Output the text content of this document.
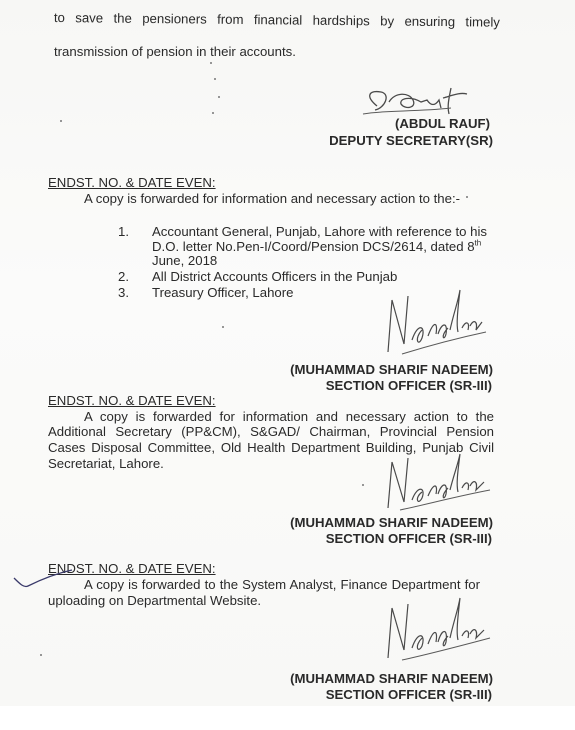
to save the pensioners from financial hardships by ensuring timely
transmission of pension in their accounts.
(ABDUL RAUF)
DEPUTY SECRETARY(SR)
ENDST. NO. & DATE EVEN:
A copy is forwarded for information and necessary action to the:-
1. Accountant General, Punjab, Lahore with reference to his
D.O. letter No.Pen-I/Coord/Pension DCS/2614, dated 8th
June, 2018
2. All District Accounts Officers in the Punjab
3. Treasury Officer, Lahore
(MUHAMMAD SHARIF NADEEM)
SECTION OFFICER (SR-III)
ENDST. NO. & DATE EVEN:
A copy is forwarded for information and necessary action to the
Additional Secretary (PP&CM), S&GAD/ Chairman, Provincial Pension
Cases Disposal Committee, Old Health Department Building, Punjab Civil
Secretariat, Lahore.
(MUHAMMAD SHARIF NADEEM)
SECTION OFFICER (SR-III)
ENDST. NO. & DATE EVEN:
A copy is forwarded to the System Analyst, Finance Department for
uploading on Departmental Website.
(MUHAMMAD SHARIF NADEEM)
SECTION OFFICER (SR-III)
